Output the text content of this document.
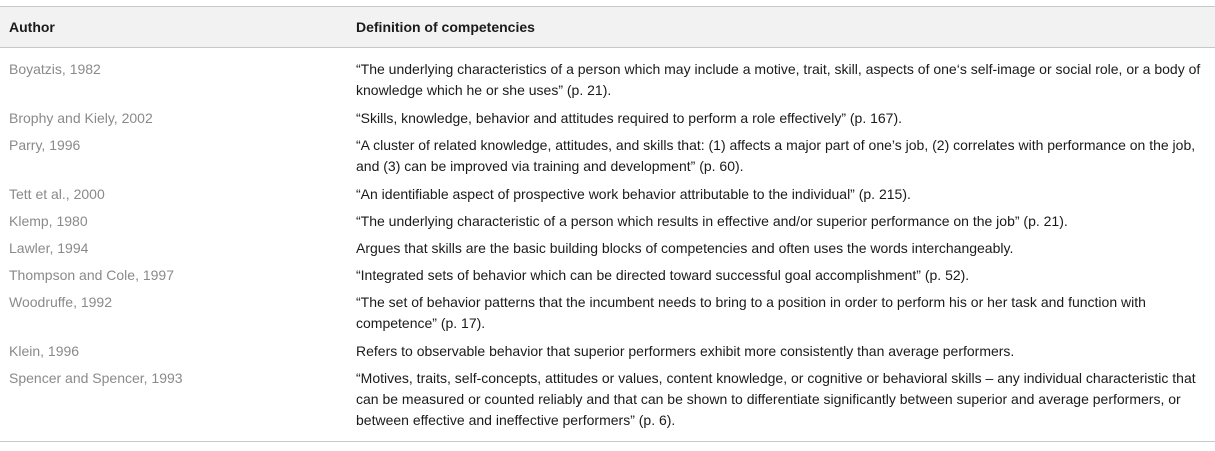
Author	Definition of competencies
Boyatzis, 1982	“The underlying characteristics of a person which may include a motive, trait, skill, aspects of one‘s self-image or social role, or a body of knowledge which he or she uses” (p. 21).
Brophy and Kiely, 2002	“Skills, knowledge, behavior and attitudes required to perform a role effectively” (p. 167).
Parry, 1996	“A cluster of related knowledge, attitudes, and skills that: (1) affects a major part of one’s job, (2) correlates with performance on the job, and (3) can be improved via training and development” (p. 60).
Tett et al., 2000	“An identifiable aspect of prospective work behavior attributable to the individual” (p. 215).
Klemp, 1980	“The underlying characteristic of a person which results in effective and/or superior performance on the job” (p. 21).
Lawler, 1994	Argues that skills are the basic building blocks of competencies and often uses the words interchangeably.
Thompson and Cole, 1997	“Integrated sets of behavior which can be directed toward successful goal accomplishment” (p. 52).
Woodruffe, 1992	“The set of behavior patterns that the incumbent needs to bring to a position in order to perform his or her task and function with competence” (p. 17).
Klein, 1996	Refers to observable behavior that superior performers exhibit more consistently than average performers.
Spencer and Spencer, 1993	“Motives, traits, self-concepts, attitudes or values, content knowledge, or cognitive or behavioral skills – any individual characteristic that can be measured or counted reliably and that can be shown to differentiate significantly between superior and average performers, or between effective and ineffective performers” (p. 6).
